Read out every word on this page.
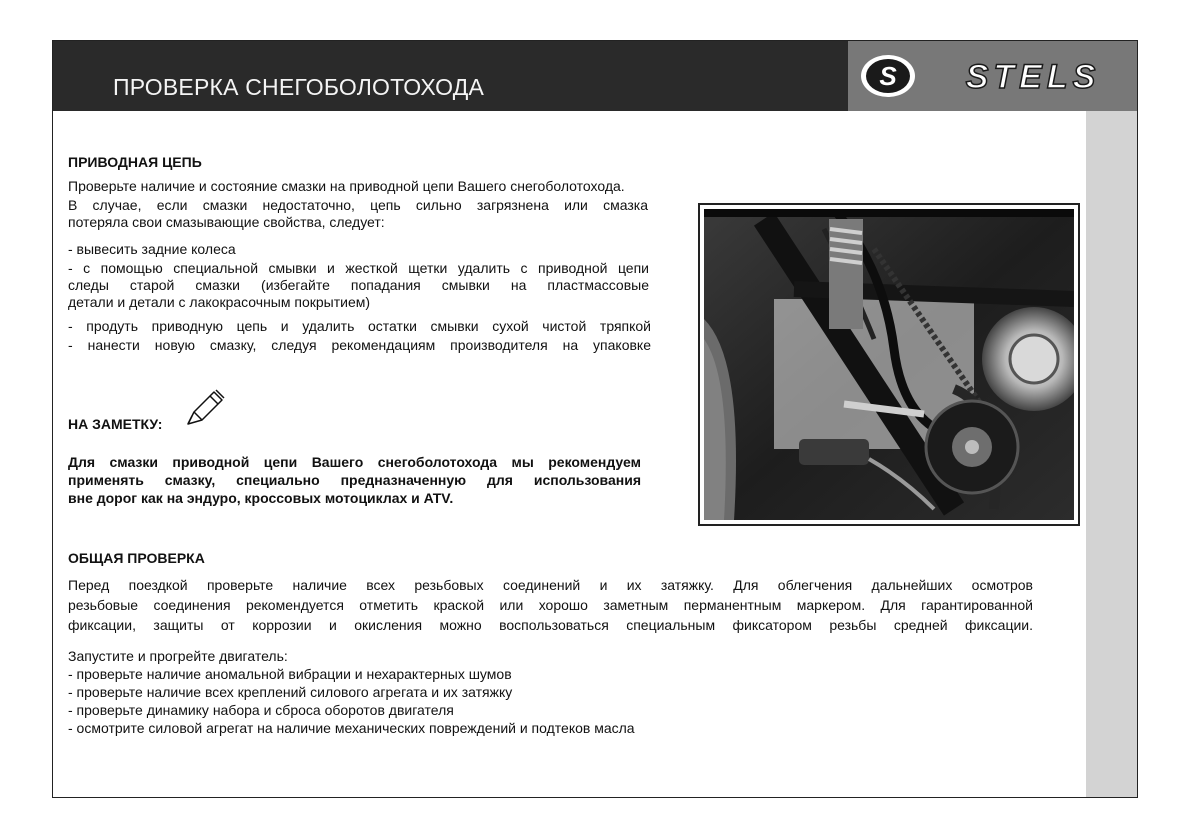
ПРОВЕРКА СНЕГОБОЛОТОХОДА	S STELS
ПРИВОДНАЯ ЦЕПЬ

Проверьте наличие и состояние смазки на приводной цепи Вашего снегоболотохода.

В случае, если смазки недостаточно, цепь сильно загрязнена или смазка

потеряла свои смазывающие свойства, следует:

- вывесить задние колеса

- с помощью специальной смывки и жесткой щетки удалить с приводной цепи

следы старой смазки (избегайте попадания смывки на пластмассовые

детали и детали с лакокрасочным покрытием)

- продуть приводную цепь и удалить остатки смывки сухой чистой тряпкой

- нанести новую смазку, следуя рекомендациям производителя на упаковке

НА ЗАМЕТКУ:

Для смазки приводной цепи Вашего снегоболотохода мы рекомендуем

применять смазку, специально предназначенную для использования

вне дорог как на эндуро, кроссовых мотоциклах и ATV.

ОБЩАЯ ПРОВЕРКА

Перед поездкой проверьте наличие всех резьбовых соединений и их затяжку. Для облегчения дальнейших осмотров

резьбовые соединения рекомендуется отметить краской или хорошо заметным перманентным маркером. Для гарантированной

фиксации, защиты от коррозии и окисления можно воспользоваться специальным фиксатором резьбы средней фиксации.

Запустите и прогрейте двигатель:

- проверьте наличие аномальной вибрации и нехарактерных шумов

- проверьте наличие всех креплений силового агрегата и их затяжку

- проверьте динамику набора и сброса оборотов двигателя

- осмотрите силовой агрегат на наличие механических повреждений и подтеков масла
